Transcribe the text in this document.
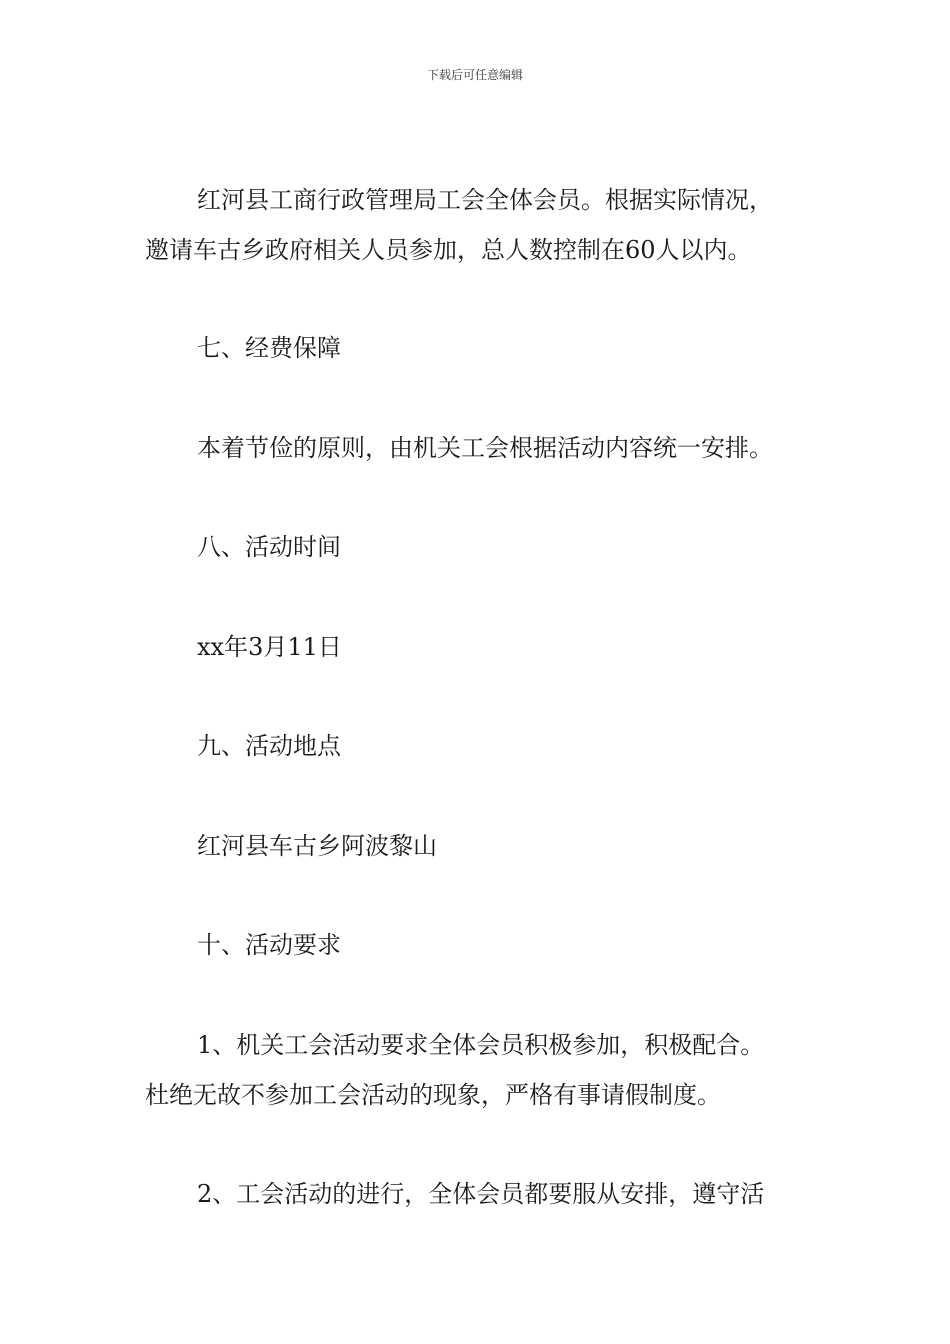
下载后可任意编辑
红河县工商行政管理局工会全体会员。根据实际情况，
邀请车古乡政府相关人员参加，总人数控制在60人以内。
七、经费保障
本着节俭的原则，由机关工会根据活动内容统一安排。
八、活动时间
xx年3月11日
九、活动地点
红河县车古乡阿波黎山
十、活动要求
1、机关工会活动要求全体会员积极参加，积极配合。
杜绝无故不参加工会活动的现象，严格有事请假制度。
2、工会活动的进行，全体会员都要服从安排，遵守活
